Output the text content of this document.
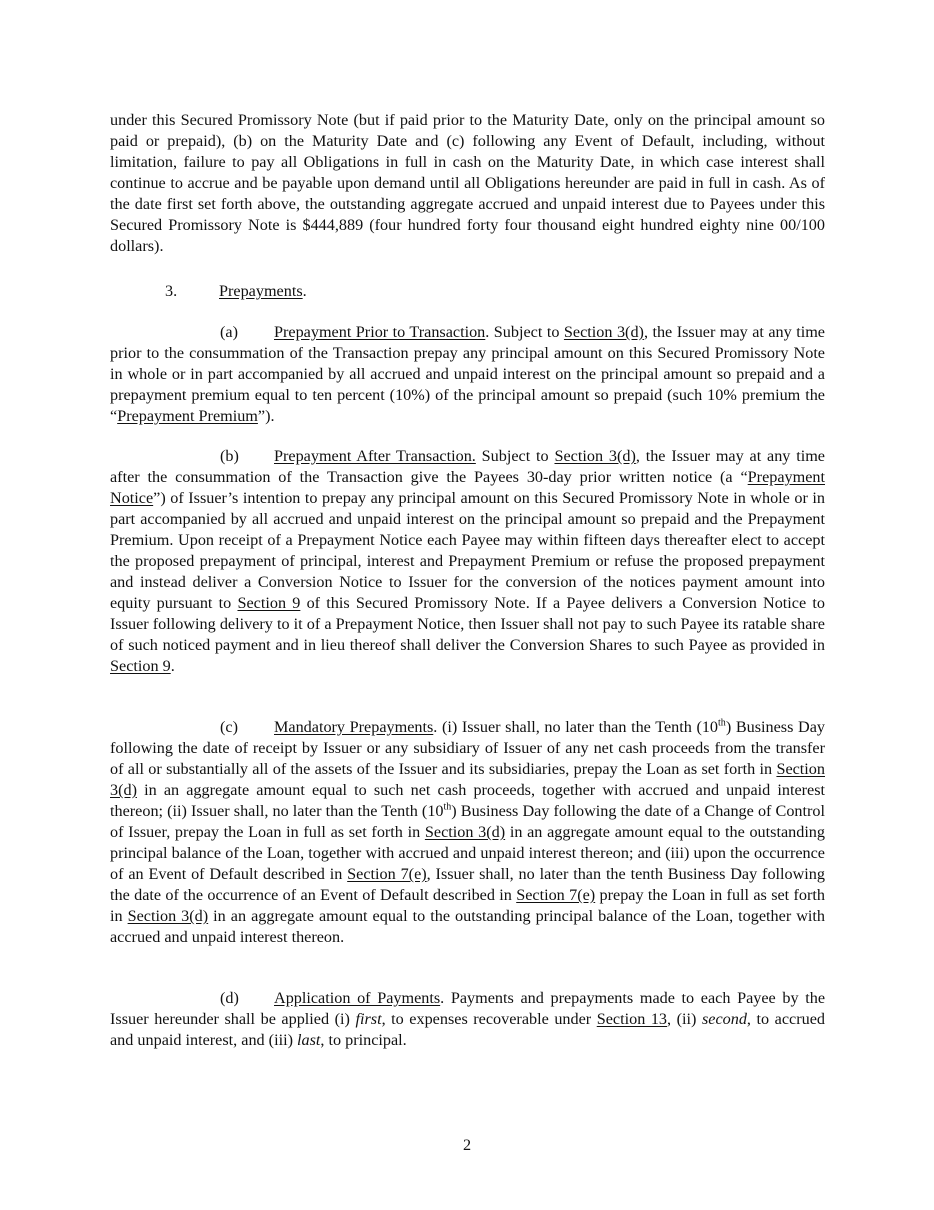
under this Secured Promissory Note (but if paid prior to the Maturity Date, only on the principal amount so paid or prepaid), (b) on the Maturity Date and (c) following any Event of Default, including, without limitation, failure to pay all Obligations in full in cash on the Maturity Date, in which case interest shall continue to accrue and be payable upon demand until all Obligations hereunder are paid in full in cash. As of the date first set forth above, the outstanding aggregate accrued and unpaid interest due to Payees under this Secured Promissory Note is $444,889 (four hundred forty four thousand eight hundred eighty nine 00/100 dollars).

3.	Prepayments.

(a) Prepayment Prior to Transaction. Subject to Section 3(d), the Issuer may at any time prior to the consummation of the Transaction prepay any principal amount on this Secured Promissory Note in whole or in part accompanied by all accrued and unpaid interest on the principal amount so prepaid and a prepayment premium equal to ten percent (10%) of the principal amount so prepaid (such 10% premium the “Prepayment Premium”).

(b) Prepayment After Transaction. Subject to Section 3(d), the Issuer may at any time after the consummation of the Transaction give the Payees 30-day prior written notice (a “Prepayment Notice”) of Issuer’s intention to prepay any principal amount on this Secured Promissory Note in whole or in part accompanied by all accrued and unpaid interest on the principal amount so prepaid and the Prepayment Premium. Upon receipt of a Prepayment Notice each Payee may within fifteen days thereafter elect to accept the proposed prepayment of principal, interest and Prepayment Premium or refuse the proposed prepayment and instead deliver a Conversion Notice to Issuer for the conversion of the notices payment amount into equity pursuant to Section 9 of this Secured Promissory Note. If a Payee delivers a Conversion Notice to Issuer following delivery to it of a Prepayment Notice, then Issuer shall not pay to such Payee its ratable share of such noticed payment and in lieu thereof shall deliver the Conversion Shares to such Payee as provided in Section 9.

(c) Mandatory Prepayments. (i) Issuer shall, no later than the Tenth (10th) Business Day following the date of receipt by Issuer or any subsidiary of Issuer of any net cash proceeds from the transfer of all or substantially all of the assets of the Issuer and its subsidiaries, prepay the Loan as set forth in Section 3(d) in an aggregate amount equal to such net cash proceeds, together with accrued and unpaid interest thereon; (ii) Issuer shall, no later than the Tenth (10th) Business Day following the date of a Change of Control of Issuer, prepay the Loan in full as set forth in Section 3(d) in an aggregate amount equal to the outstanding principal balance of the Loan, together with accrued and unpaid interest thereon; and (iii) upon the occurrence of an Event of Default described in Section 7(e), Issuer shall, no later than the tenth Business Day following the date of the occurrence of an Event of Default described in Section 7(e) prepay the Loan in full as set forth in Section 3(d) in an aggregate amount equal to the outstanding principal balance of the Loan, together with accrued and unpaid interest thereon.

(d) Application of Payments. Payments and prepayments made to each Payee by the Issuer hereunder shall be applied (i) first, to expenses recoverable under Section 13, (ii) second, to accrued and unpaid interest, and (iii) last, to principal.

2
